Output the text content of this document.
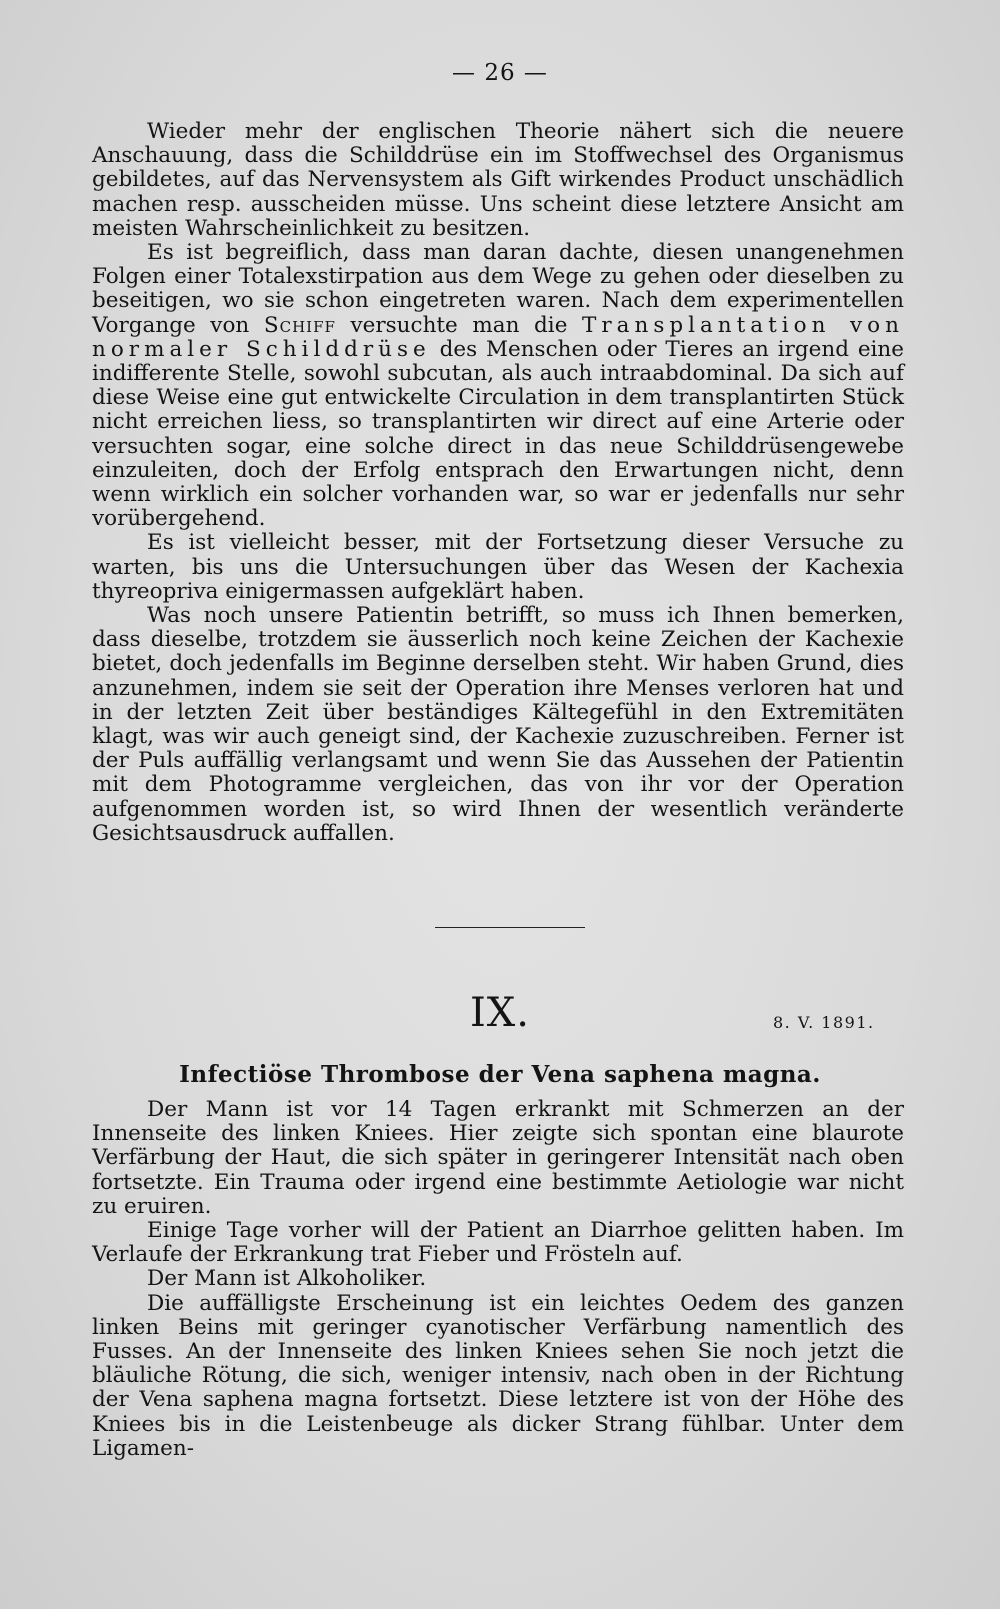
— 26 —

Wieder mehr der englischen Theorie nähert sich die neuere Anschauung, dass die Schilddrüse ein im Stoffwechsel des Organismus gebildetes, auf das Nervensystem als Gift wirkendes Product unschädlich machen resp. ausscheiden müsse. Uns scheint diese letztere Ansicht am meisten Wahrscheinlichkeit zu besitzen.

Es ist begreiflich, dass man daran dachte, diesen unangenehmen Folgen einer Totalexstirpation aus dem Wege zu gehen oder dieselben zu beseitigen, wo sie schon eingetreten waren. Nach dem experimentellen Vorgange von Schiff versuchte man die Transplantation von normaler Schilddrüse des Menschen oder Tieres an irgend eine indifferente Stelle, sowohl subcutan, als auch intraabdominal. Da sich auf diese Weise eine gut entwickelte Circulation in dem transplantirten Stück nicht erreichen liess, so transplantirten wir direct auf eine Arterie oder versuchten sogar, eine solche direct in das neue Schilddrüsengewebe einzuleiten, doch der Erfolg entsprach den Erwartungen nicht, denn wenn wirklich ein solcher vorhanden war, so war er jedenfalls nur sehr vorübergehend.

Es ist vielleicht besser, mit der Fortsetzung dieser Versuche zu warten, bis uns die Untersuchungen über das Wesen der Kachexia thyreopriva einigermassen aufgeklärt haben.

Was noch unsere Patientin betrifft, so muss ich Ihnen bemerken, dass dieselbe, trotzdem sie äusserlich noch keine Zeichen der Kachexie bietet, doch jedenfalls im Beginne derselben steht. Wir haben Grund, dies anzunehmen, indem sie seit der Operation ihre Menses verloren hat und in der letzten Zeit über beständiges Kältegefühl in den Extremitäten klagt, was wir auch geneigt sind, der Kachexie zuzuschreiben. Ferner ist der Puls auffällig verlangsamt und wenn Sie das Aussehen der Patientin mit dem Photogramme vergleichen, das von ihr vor der Operation aufgenommen worden ist, so wird Ihnen der wesentlich veränderte Gesichtsausdruck auffallen.

IX.	8. V. 1891.
Infectiöse Thrombose der Vena saphena magna.

Der Mann ist vor 14 Tagen erkrankt mit Schmerzen an der Innenseite des linken Kniees. Hier zeigte sich spontan eine blaurote Verfärbung der Haut, die sich später in geringerer Intensität nach oben fortsetzte. Ein Trauma oder irgend eine bestimmte Aetiologie war nicht zu eruiren.

Einige Tage vorher will der Patient an Diarrhoe gelitten haben. Im Verlaufe der Erkrankung trat Fieber und Frösteln auf.

Der Mann ist Alkoholiker.

Die auffälligste Erscheinung ist ein leichtes Oedem des ganzen linken Beins mit geringer cyanotischer Verfärbung namentlich des Fusses. An der Innenseite des linken Kniees sehen Sie noch jetzt die bläuliche Rötung, die sich, weniger intensiv, nach oben in der Richtung der Vena saphena magna fortsetzt. Diese letztere ist von der Höhe des Kniees bis in die Leistenbeuge als dicker Strang fühlbar. Unter dem Ligamen-
